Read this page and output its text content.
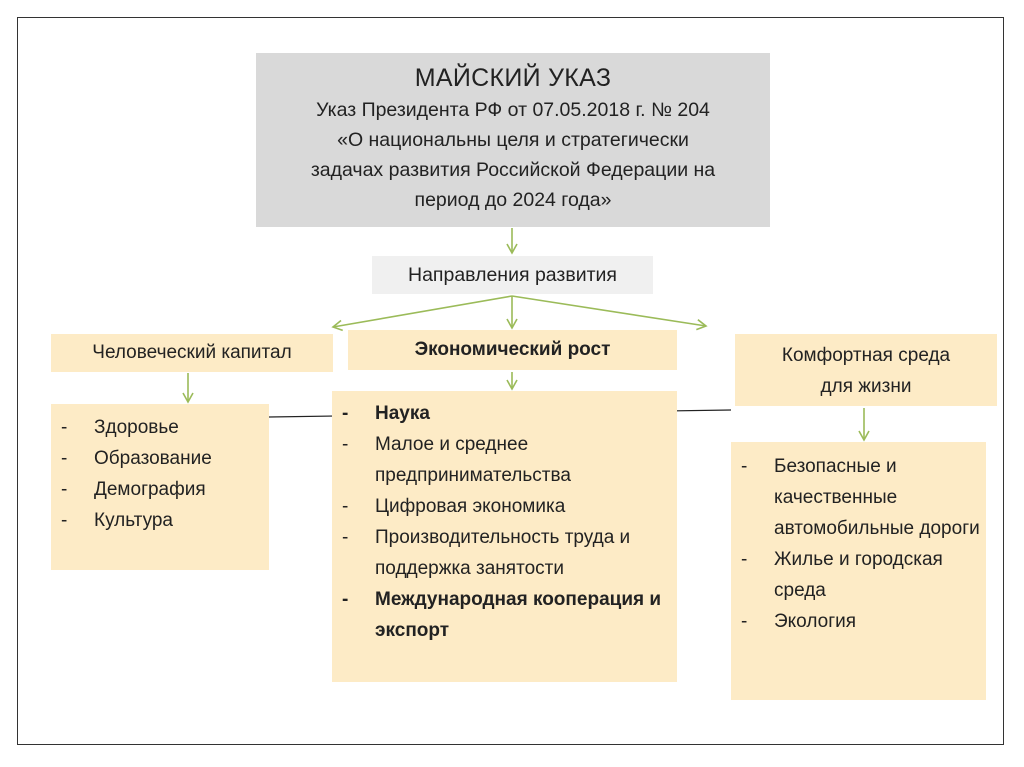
МАЙСКИЙ УКАЗ
Указ Президента РФ от 07.05.2018 г. № 204
«О национальны целя и стратегически
задачах развития Российской Федерации на
период до 2024 года»
Направления развития
Человеческий капитал	Экономический рост	Комфортная среда
для жизни
- Здоровье
- Образование
- Демография
- Культура
- Наука
- Малое и среднее предпринимательства
- Цифровая экономика
- Производительность труда и поддержка занятости
- Международная кооперация и экспорт
- Безопасные и качественные автомобильные дороги
- Жилье и городская среда
- Экология
